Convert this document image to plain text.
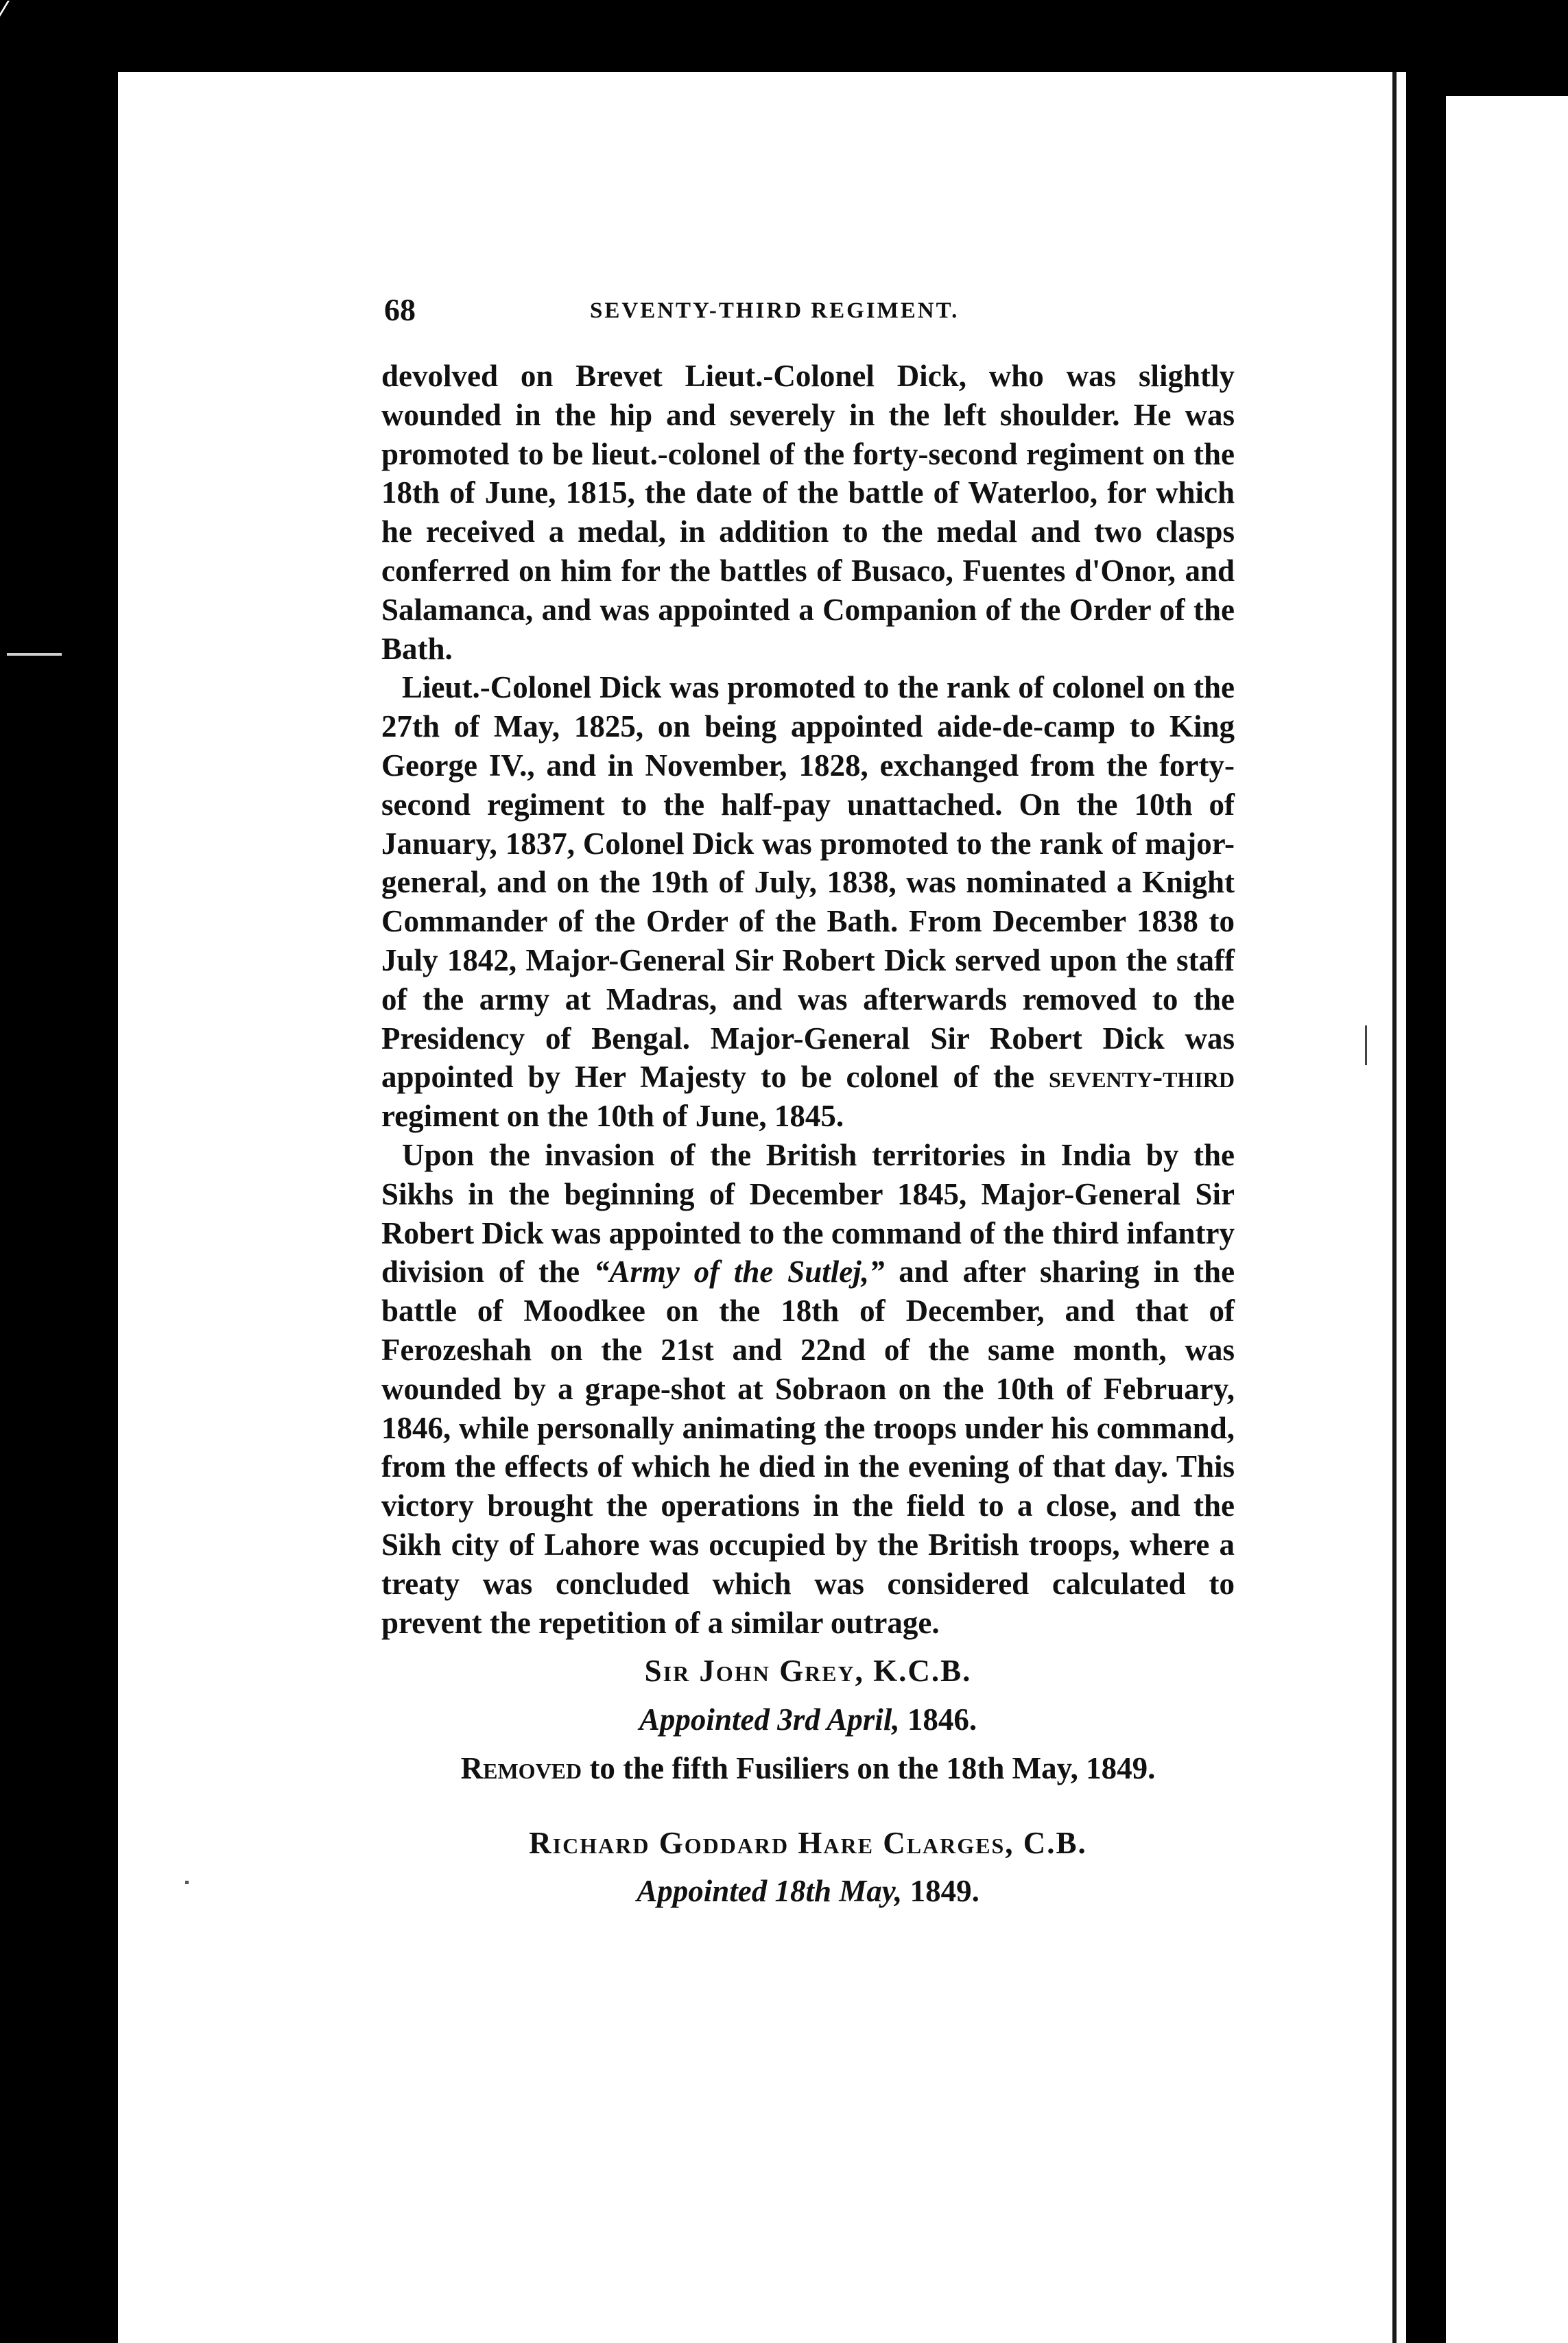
⁄
68	SEVENTY-THIRD REGIMENT.

devolved on Brevet Lieut.-Colonel Dick, who was slightly wounded in the hip and severely in the left shoulder. He was promoted to be lieut.-colonel of the forty-second regiment on the 18th of June, 1815, the date of the battle of Waterloo, for which he received a medal, in addition to the medal and two clasps conferred on him for the battles of Busaco, Fuentes d'Onor, and Salamanca, and was appointed a Companion of the Order of the Bath.

Lieut.-Colonel Dick was promoted to the rank of colonel on the 27th of May, 1825, on being appointed aide-de-camp to King George IV., and in November, 1828, exchanged from the forty-second regiment to the half-pay unattached. On the 10th of January, 1837, Colonel Dick was promoted to the rank of major-general, and on the 19th of July, 1838, was nominated a Knight Commander of the Order of the Bath. From December 1838 to July 1842, Major-General Sir Robert Dick served upon the staff of the army at Madras, and was afterwards removed to the Presidency of Bengal. Major-General Sir Robert Dick was appointed by Her Majesty to be colonel of the seventy-third regiment on the 10th of June, 1845.

Upon the invasion of the British territories in India by the Sikhs in the beginning of December 1845, Major-General Sir Robert Dick was appointed to the command of the third infantry division of the “Army of the Sutlej,” and after sharing in the battle of Moodkee on the 18th of December, and that of Ferozeshah on the 21st and 22nd of the same month, was wounded by a grape-shot at Sobraon on the 10th of February, 1846, while personally animating the troops under his command, from the effects of which he died in the evening of that day. This victory brought the operations in the field to a close, and the Sikh city of Lahore was occupied by the British troops, where a treaty was concluded which was considered calculated to prevent the repetition of a similar outrage.

Sir John Grey, K.C.B.

Appointed 3rd April, 1846.

Removed to the fifth Fusiliers on the 18th May, 1849.

Richard Goddard Hare Clarges, C.B.

Appointed 18th May, 1849.
